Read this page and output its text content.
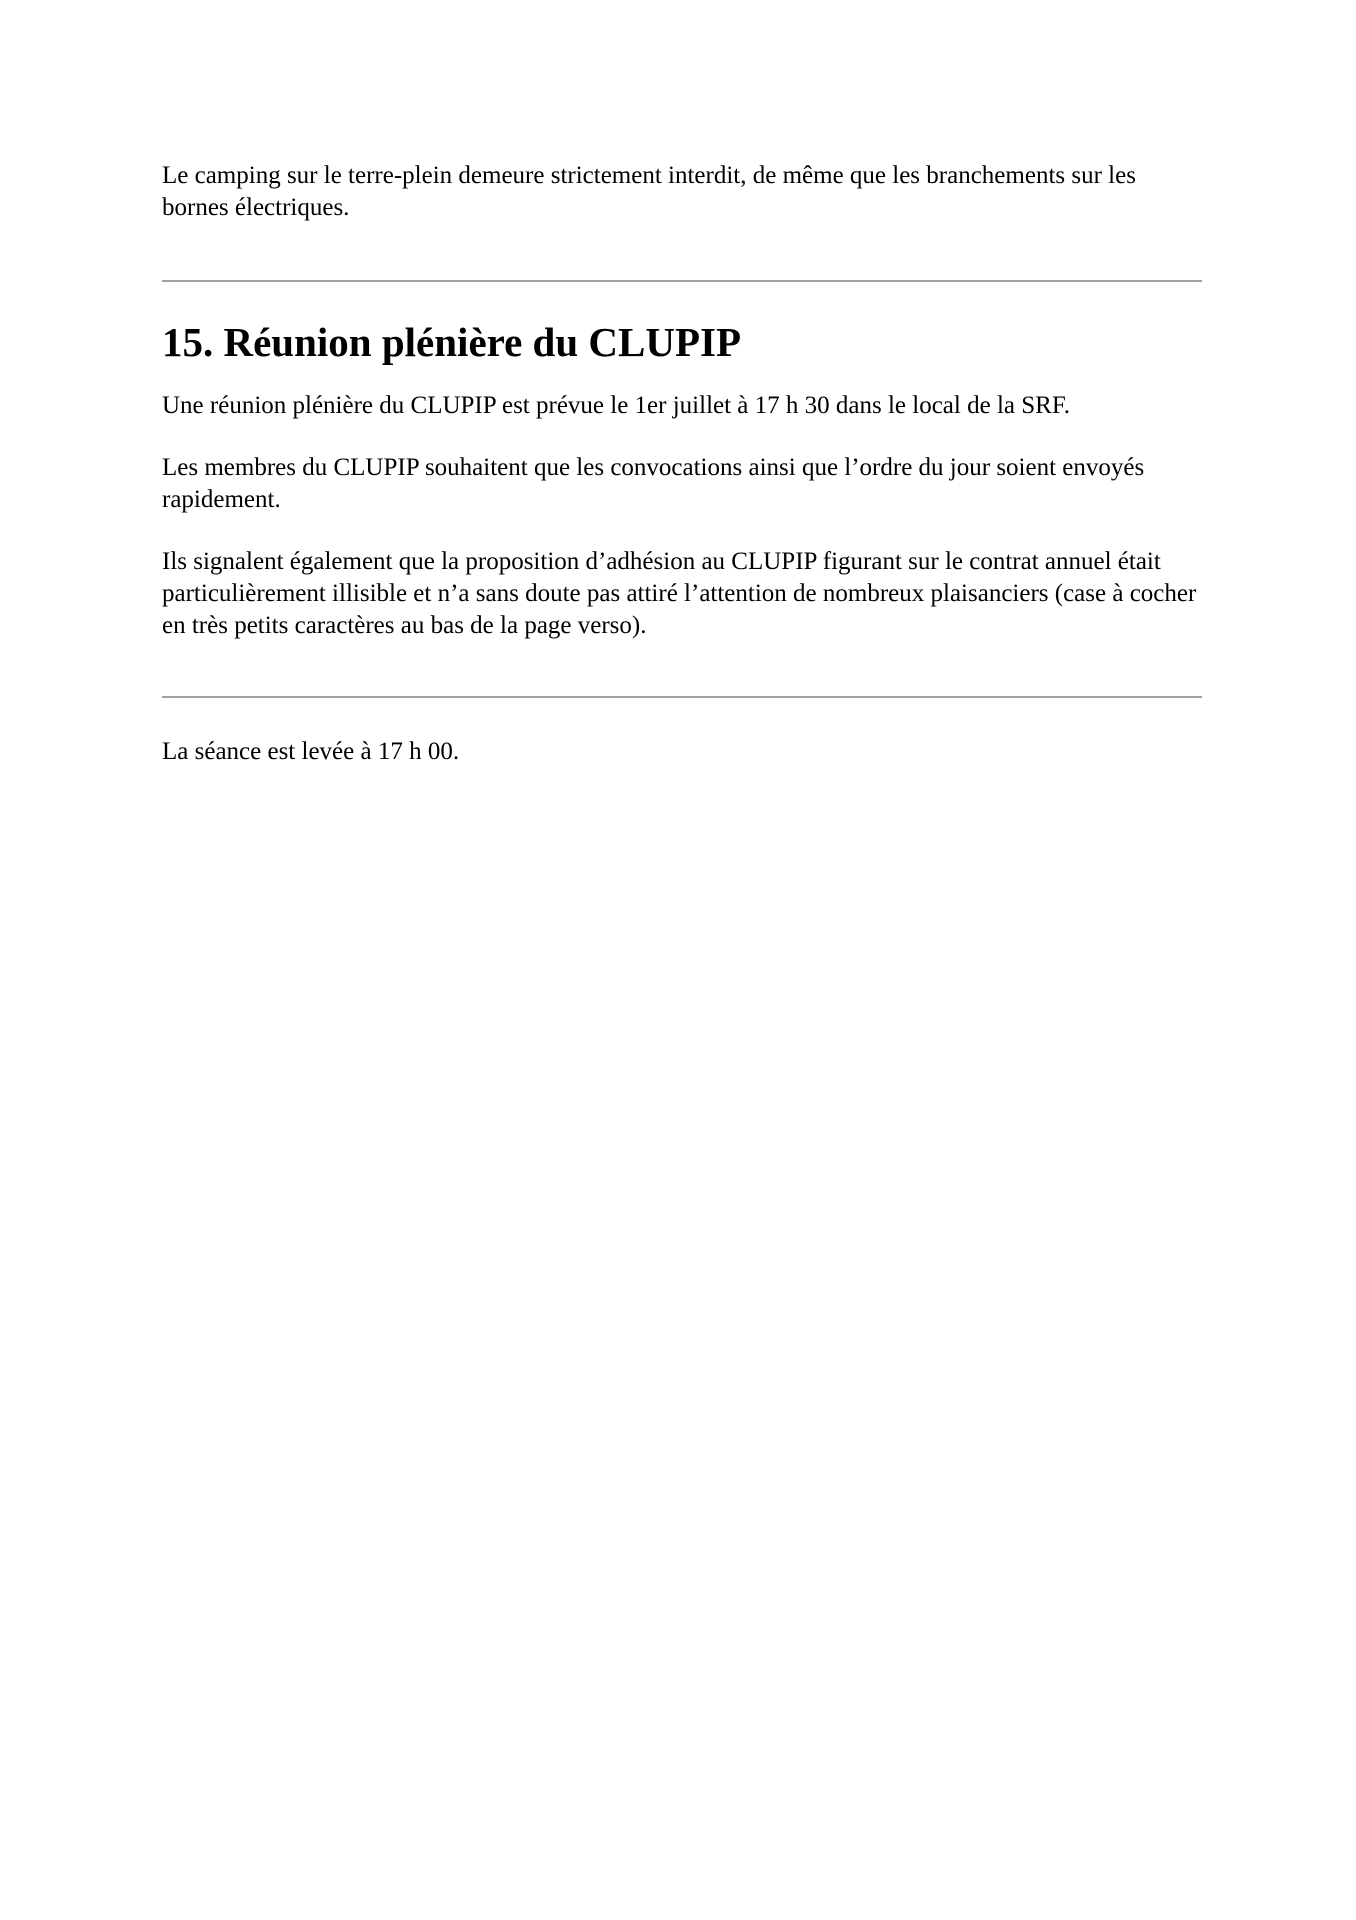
Le camping sur le terre-plein demeure strictement interdit, de même que les branchements sur les bornes électriques.

15. Réunion plénière du CLUPIP

Une réunion plénière du CLUPIP est prévue le 1er juillet à 17 h 30 dans le local de la SRF.

Les membres du CLUPIP souhaitent que les convocations ainsi que l’ordre du jour soient envoyés rapidement.

Ils signalent également que la proposition d’adhésion au CLUPIP figurant sur le contrat annuel était particulièrement illisible et n’a sans doute pas attiré l’attention de nombreux plaisanciers (case à cocher en très petits caractères au bas de la page verso).

La séance est levée à 17 h 00.
